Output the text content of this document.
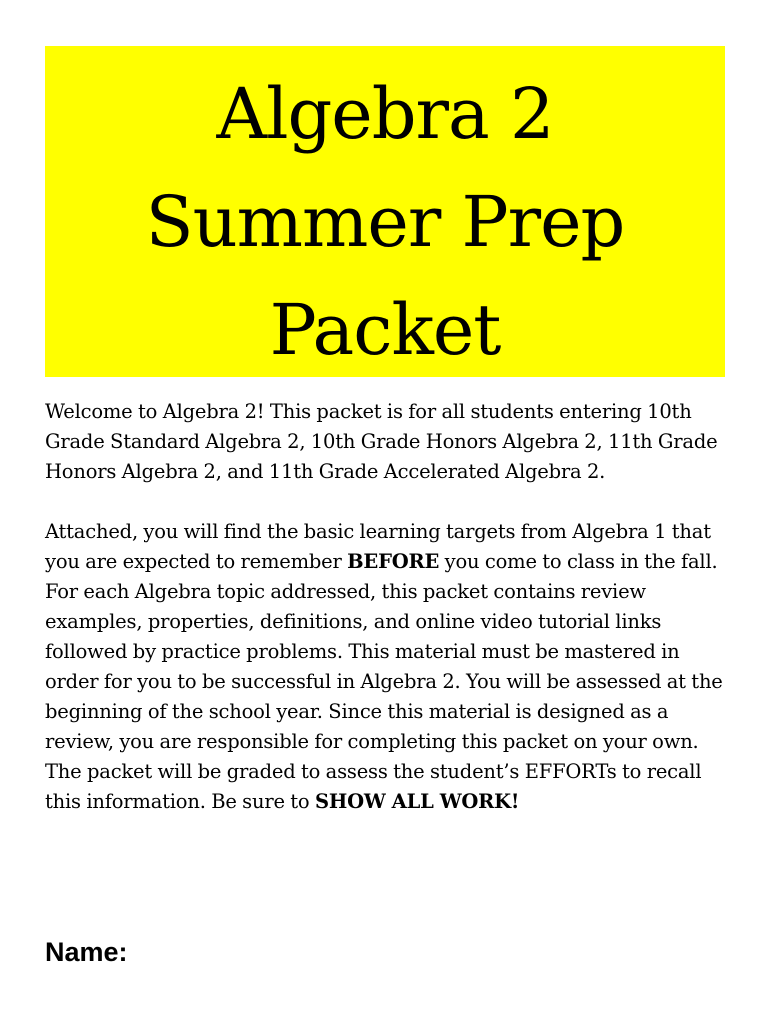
Algebra 2
Summer Prep
Packet

Welcome to Algebra 2! This packet is for all students entering 10th Grade Standard Algebra 2, 10th Grade Honors Algebra 2, 11th Grade Honors Algebra 2, and 11th Grade Accelerated Algebra 2.

Attached, you will find the basic learning targets from Algebra 1 that you are expected to remember BEFORE you come to class in the fall. For each Algebra topic addressed, this packet contains review examples, properties, definitions, and online video tutorial links followed by practice problems. This material must be mastered in order for you to be successful in Algebra 2. You will be assessed at the beginning of the school year. Since this material is designed as a review, you are responsible for completing this packet on your own. The packet will be graded to assess the student’s EFFORTs to recall this information. Be sure to SHOW ALL WORK!

Name:
